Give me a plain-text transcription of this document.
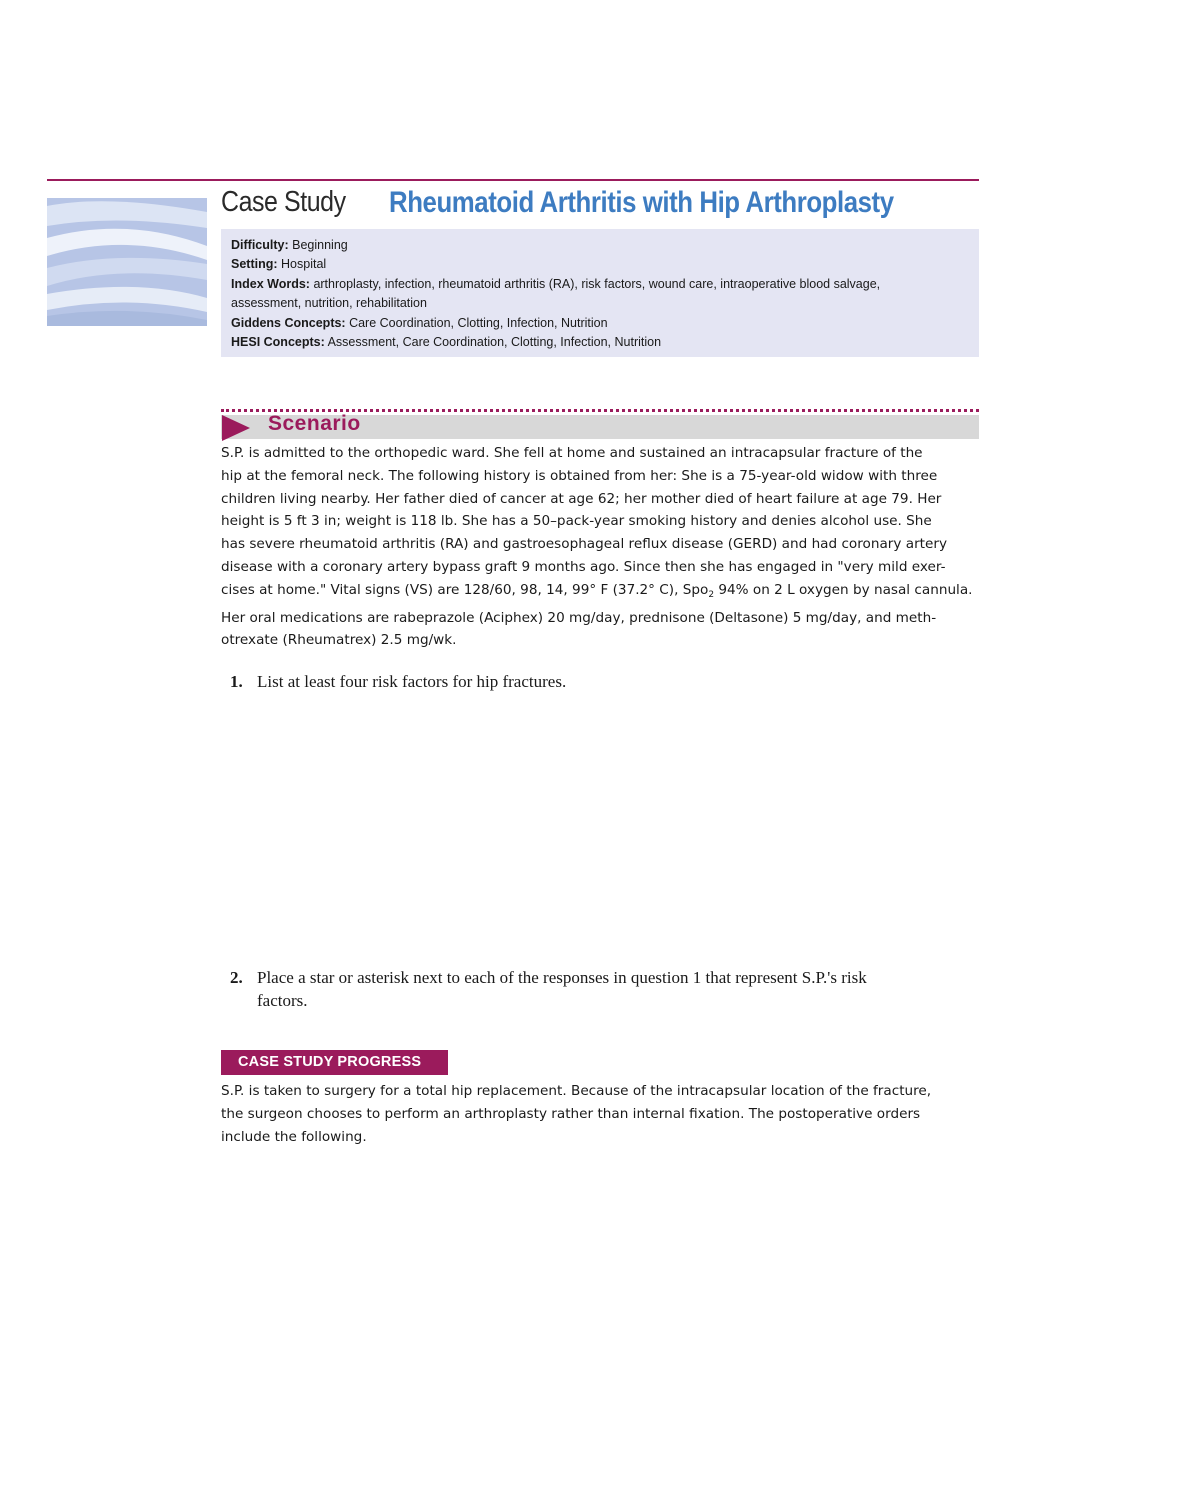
Case Study Rheumatoid Arthritis with Hip Arthroplasty
Difficulty: Beginning
Setting: Hospital
Index Words: arthroplasty, infection, rheumatoid arthritis (RA), risk factors, wound care, intraoperative blood salvage,
assessment, nutrition, rehabilitation
Giddens Concepts: Care Coordination, Clotting, Infection, Nutrition
HESI Concepts: Assessment, Care Coordination, Clotting, Infection, Nutrition
Scenario
S.P. is admitted to the orthopedic ward. She fell at home and sustained an intracapsular fracture of the
hip at the femoral neck. The following history is obtained from her: She is a 75-year-old widow with three
children living nearby. Her father died of cancer at age 62; her mother died of heart failure at age 79. Her
height is 5 ft 3 in; weight is 118 lb. She has a 50–pack-year smoking history and denies alcohol use. She
has severe rheumatoid arthritis (RA) and gastroesophageal reflux disease (GERD) and had coronary artery
disease with a coronary artery bypass graft 9 months ago. Since then she has engaged in "very mild exer-
cises at home." Vital signs (VS) are 128/60, 98, 14, 99° F (37.2° C), Spo$_2$ 94% on 2 L oxygen by nasal cannula.
Her oral medications are rabeprazole (Aciphex) 20 mg/day, prednisone (Deltasone) 5 mg/day, and meth-
otrexate (Rheumatrex) 2.5 mg/wk.
1. List at least four risk factors for hip fractures.
2. Place a star or asterisk next to each of the responses in question 1 that represent S.P.'s risk
factors.
CASE STUDY PROGRESS
S.P. is taken to surgery for a total hip replacement. Because of the intracapsular location of the fracture,
the surgeon chooses to perform an arthroplasty rather than internal fixation. The postoperative orders
include the following.
